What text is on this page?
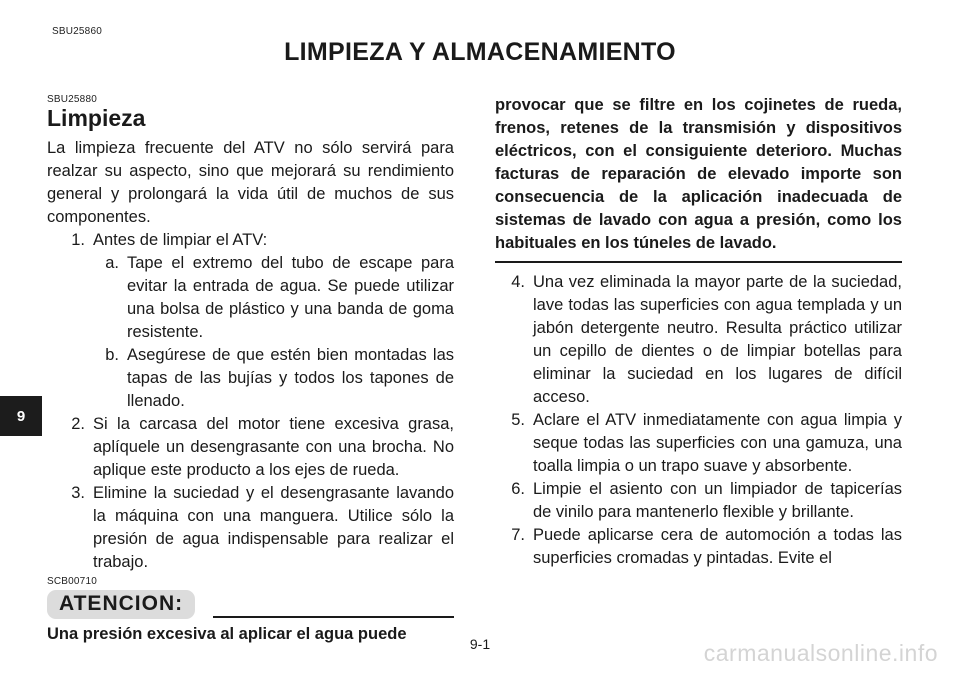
SBU25860
LIMPIEZA Y ALMACENAMIENTO
9
SBU25880
Limpieza
La limpieza frecuente del ATV no sólo servirá para realzar su aspecto, sino que mejorará su rendimiento general y prolongará la vida útil de muchos de sus componentes.
1. Antes de limpiar el ATV:
a. Tape el extremo del tubo de escape para evitar la entrada de agua. Se puede utilizar una bolsa de plástico y una banda de goma resistente.
b. Asegúrese de que estén bien montadas las tapas de las bujías y todos los tapones de llenado.
2. Si la carcasa del motor tiene excesiva grasa, aplíquele un desengrasante con una brocha. No aplique este producto a los ejes de rueda.
3. Elimine la suciedad y el desengrasante lavando la máquina con una manguera. Utilice sólo la presión de agua indispensable para realizar el trabajo.
SCB00710
ATENCION:
Una presión excesiva al aplicar el agua puede
provocar que se filtre en los cojinetes de rueda, frenos, retenes de la transmisión y dispositivos eléctricos, con el consiguiente deterioro. Muchas facturas de reparación de elevado importe son consecuencia de la aplicación inadecuada de sistemas de lavado con agua a presión, como los habituales en los túneles de lavado.
4. Una vez eliminada la mayor parte de la suciedad, lave todas las superficies con agua templada y un jabón detergente neutro. Resulta práctico utilizar un cepillo de dientes o de limpiar botellas para eliminar la suciedad en los lugares de difícil acceso.
5. Aclare el ATV inmediatamente con agua limpia y seque todas las superficies con una gamuza, una toalla limpia o un trapo suave y absorbente.
6. Limpie el asiento con un limpiador de tapicerías de vinilo para mantenerlo flexible y brillante.
7. Puede aplicarse cera de automoción a todas las superficies cromadas y pintadas. Evite el
9-1	carmanualsonline.info
